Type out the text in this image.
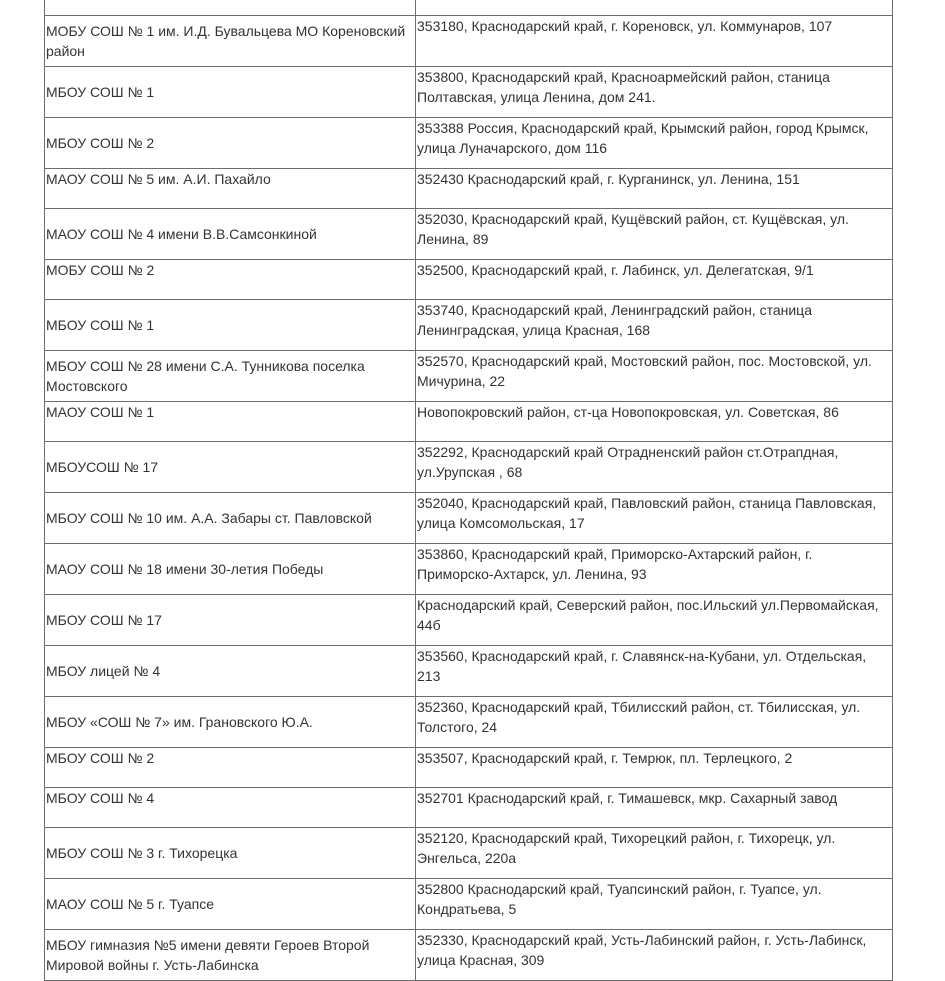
МОБУ СОШ № 1 им. И.Д. Бувальцева МО Кореновский район	353180, Краснодарский край, г. Кореновск, ул. Коммунаров, 107
МБОУ СОШ № 1	353800, Краснодарский край, Красноармейский район, станица Полтавская, улица Ленина, дом 241.
МБОУ СОШ № 2	353388 Россия, Краснодарский край, Крымский район, город Крымск, улица Луначарского, дом 116
МАОУ СОШ № 5 им. А.И. Пахайло	352430 Краснодарский край, г. Курганинск, ул. Ленина, 151
МАОУ СОШ № 4 имени В.В.Самсонкиной	352030, Краснодарский край, Кущёвский район, ст. Кущёвская, ул. Ленина, 89
МОБУ СОШ № 2	352500, Краснодарский край, г. Лабинск, ул. Делегатская, 9/1
МБОУ СОШ № 1	353740, Краснодарский край, Ленинградский район, станица Ленинградская, улица Красная, 168
МБОУ СОШ № 28 имени С.А. Тунникова поселка Мостовского	352570, Краснодарский край, Мостовский район, пос. Мостовской, ул. Мичурина, 22
МАОУ СОШ № 1	Новопокровский район, ст-ца Новопокровская, ул. Советская, 86
МБОУСОШ № 17	352292, Краснодарский край Отрадненский район ст.Отрапдная, ул.Урупская , 68
МБОУ СОШ № 10 им. А.А. Забары ст. Павловской	352040, Краснодарский край, Павловский район, станица Павловская, улица Комсомольская, 17
МАОУ СОШ № 18 имени 30-летия Победы	353860, Краснодарский край, Приморско-Ахтарский район, г. Приморско-Ахтарск, ул. Ленина, 93
МБОУ СОШ № 17	Краснодарский край, Северский район, пос.Ильский ул.Первомайская, 44б
МБОУ лицей № 4	353560, Краснодарский край, г. Славянск-на-Кубани, ул. Отдельская, 213
МБОУ «СОШ № 7» им. Грановского Ю.А.	352360, Краснодарский край, Тбилисский район, ст. Тбилисская, ул. Толстого, 24
МБОУ СОШ № 2	353507, Краснодарский край, г. Темрюк, пл. Терлецкого, 2
МБОУ СОШ № 4	352701 Краснодарский край, г. Тимашевск, мкр. Сахарный завод
МБОУ СОШ № 3 г. Тихорецка	352120, Краснодарский край, Тихорецкий район, г. Тихорецк, ул. Энгельса, 220а
МАОУ СОШ № 5 г. Туапсе	352800 Краснодарский край, Туапсинский район, г. Туапсе, ул. Кондратьева, 5
МБОУ гимназия №5 имени девяти Героев Второй Мировой войны г. Усть-Лабинска	352330, Краснодарский край, Усть-Лабинский район, г. Усть-Лабинск, улица Красная, 309
